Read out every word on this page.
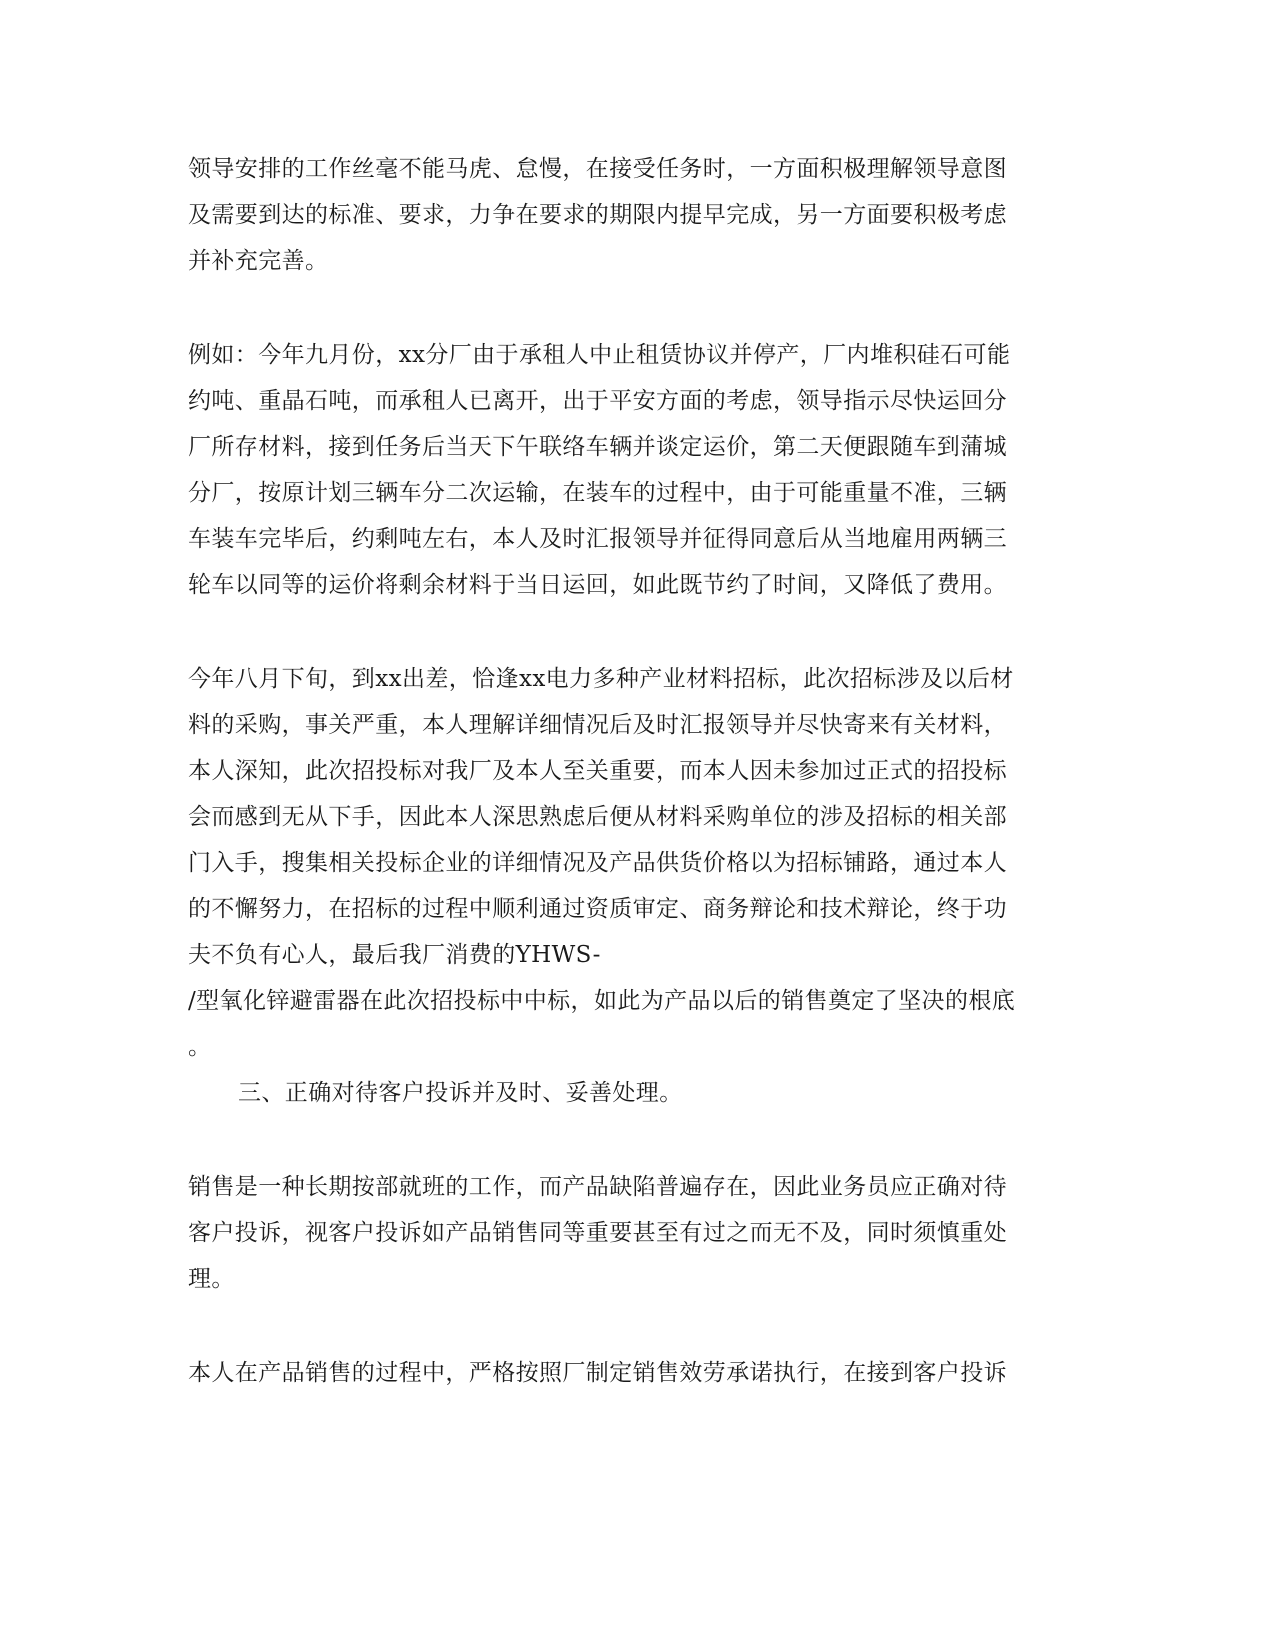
领导安排的工作丝毫不能马虎、怠慢，在接受任务时，一方面积极理解领导意图
及需要到达的标准、要求，力争在要求的期限内提早完成，另一方面要积极考虑
并补充完善。
例如：今年九月份，xx分厂由于承租人中止租赁协议并停产，厂内堆积硅石可能
约吨、重晶石吨，而承租人已离开，出于平安方面的考虑，领导指示尽快运回分
厂所存材料，接到任务后当天下午联络车辆并谈定运价，第二天便跟随车到蒲城
分厂，按原计划三辆车分二次运输，在装车的过程中，由于可能重量不准，三辆
车装车完毕后，约剩吨左右，本人及时汇报领导并征得同意后从当地雇用两辆三
轮车以同等的运价将剩余材料于当日运回，如此既节约了时间，又降低了费用。
今年八月下旬，到xx出差，恰逢xx电力多种产业材料招标，此次招标涉及以后材
料的采购，事关严重，本人理解详细情况后及时汇报领导并尽快寄来有关材料，
本人深知，此次招投标对我厂及本人至关重要，而本人因未参加过正式的招投标
会而感到无从下手，因此本人深思熟虑后便从材料采购单位的涉及招标的相关部
门入手，搜集相关投标企业的详细情况及产品供货价格以为招标铺路，通过本人
的不懈努力，在招标的过程中顺利通过资质审定、商务辩论和技术辩论，终于功
夫不负有心人，最后我厂消费的YHWS-
/型氧化锌避雷器在此次招投标中中标，如此为产品以后的销售奠定了坚决的根底
。
三、正确对待客户投诉并及时、妥善处理。
销售是一种长期按部就班的工作，而产品缺陷普遍存在，因此业务员应正确对待
客户投诉，视客户投诉如产品销售同等重要甚至有过之而无不及，同时须慎重处
理。
本人在产品销售的过程中，严格按照厂制定销售效劳承诺执行，在接到客户投诉
